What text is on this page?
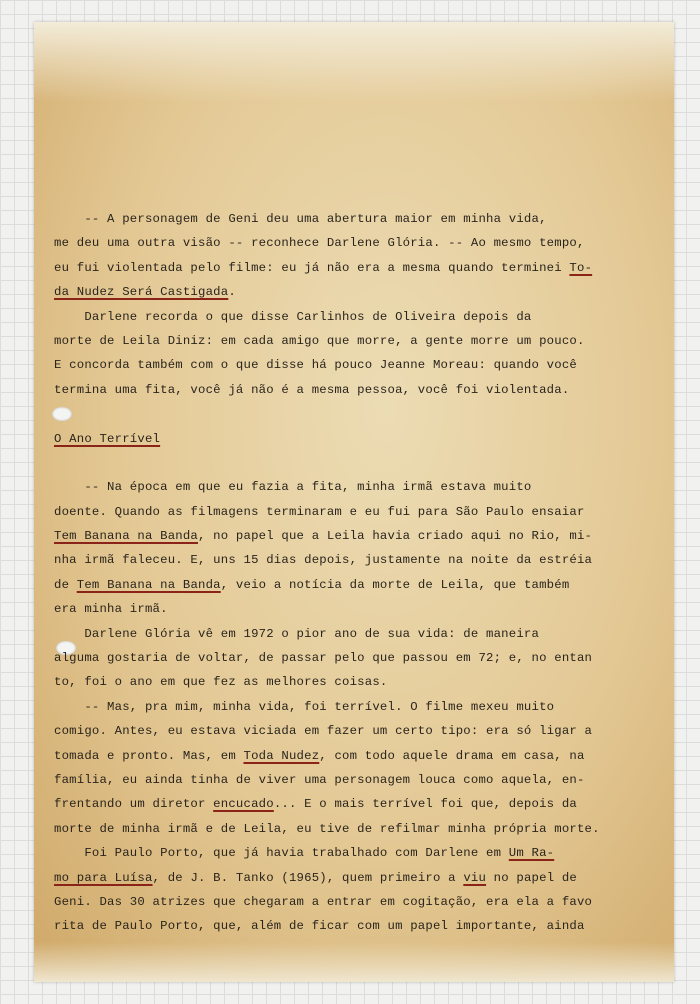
-- A personagem de Geni deu uma abertura maior em minha vida,
me deu uma outra visão -- reconhece Darlene Glória. -- Ao mesmo tempo,
eu fui violentada pelo filme: eu já não era a mesma quando terminei To-
da Nudez Será Castigada.
Darlene recorda o que disse Carlinhos de Oliveira depois da
morte de Leila Diniz: em cada amigo que morre, a gente morre um pouco.
E concorda também com o que disse há pouco Jeanne Moreau: quando você
termina uma fita, você já não é a mesma pessoa, você foi violentada.
O Ano Terrível
-- Na época em que eu fazia a fita, minha irmã estava muito
doente. Quando as filmagens terminaram e eu fui para São Paulo ensaiar
Tem Banana na Banda, no papel que a Leila havia criado aqui no Rio, mi-
nha irmã faleceu. E, uns 15 dias depois, justamente na noite da estréia
de Tem Banana na Banda, veio a notícia da morte de Leila, que também
era minha irmã.
Darlene Glória vê em 1972 o pior ano de sua vida: de maneira
alguma gostaria de voltar, de passar pelo que passou em 72; e, no entan
to, foi o ano em que fez as melhores coisas.
-- Mas, pra mim, minha vida, foi terrível. O filme mexeu muito
comigo. Antes, eu estava viciada em fazer um certo tipo: era só ligar a
tomada e pronto. Mas, em Toda Nudez, com todo aquele drama em casa, na
família, eu ainda tinha de viver uma personagem louca como aquela, en-
frentando um diretor encucado... E o mais terrível foi que, depois da
morte de minha irmã e de Leila, eu tive de refilmar minha própria morte.
Foi Paulo Porto, que já havia trabalhado com Darlene em Um Ra-
mo para Luísa, de J. B. Tanko (1965), quem primeiro a viu no papel de
Geni. Das 30 atrizes que chegaram a entrar em cogitação, era ela a favo
rita de Paulo Porto, que, além de ficar com um papel importante, ainda
